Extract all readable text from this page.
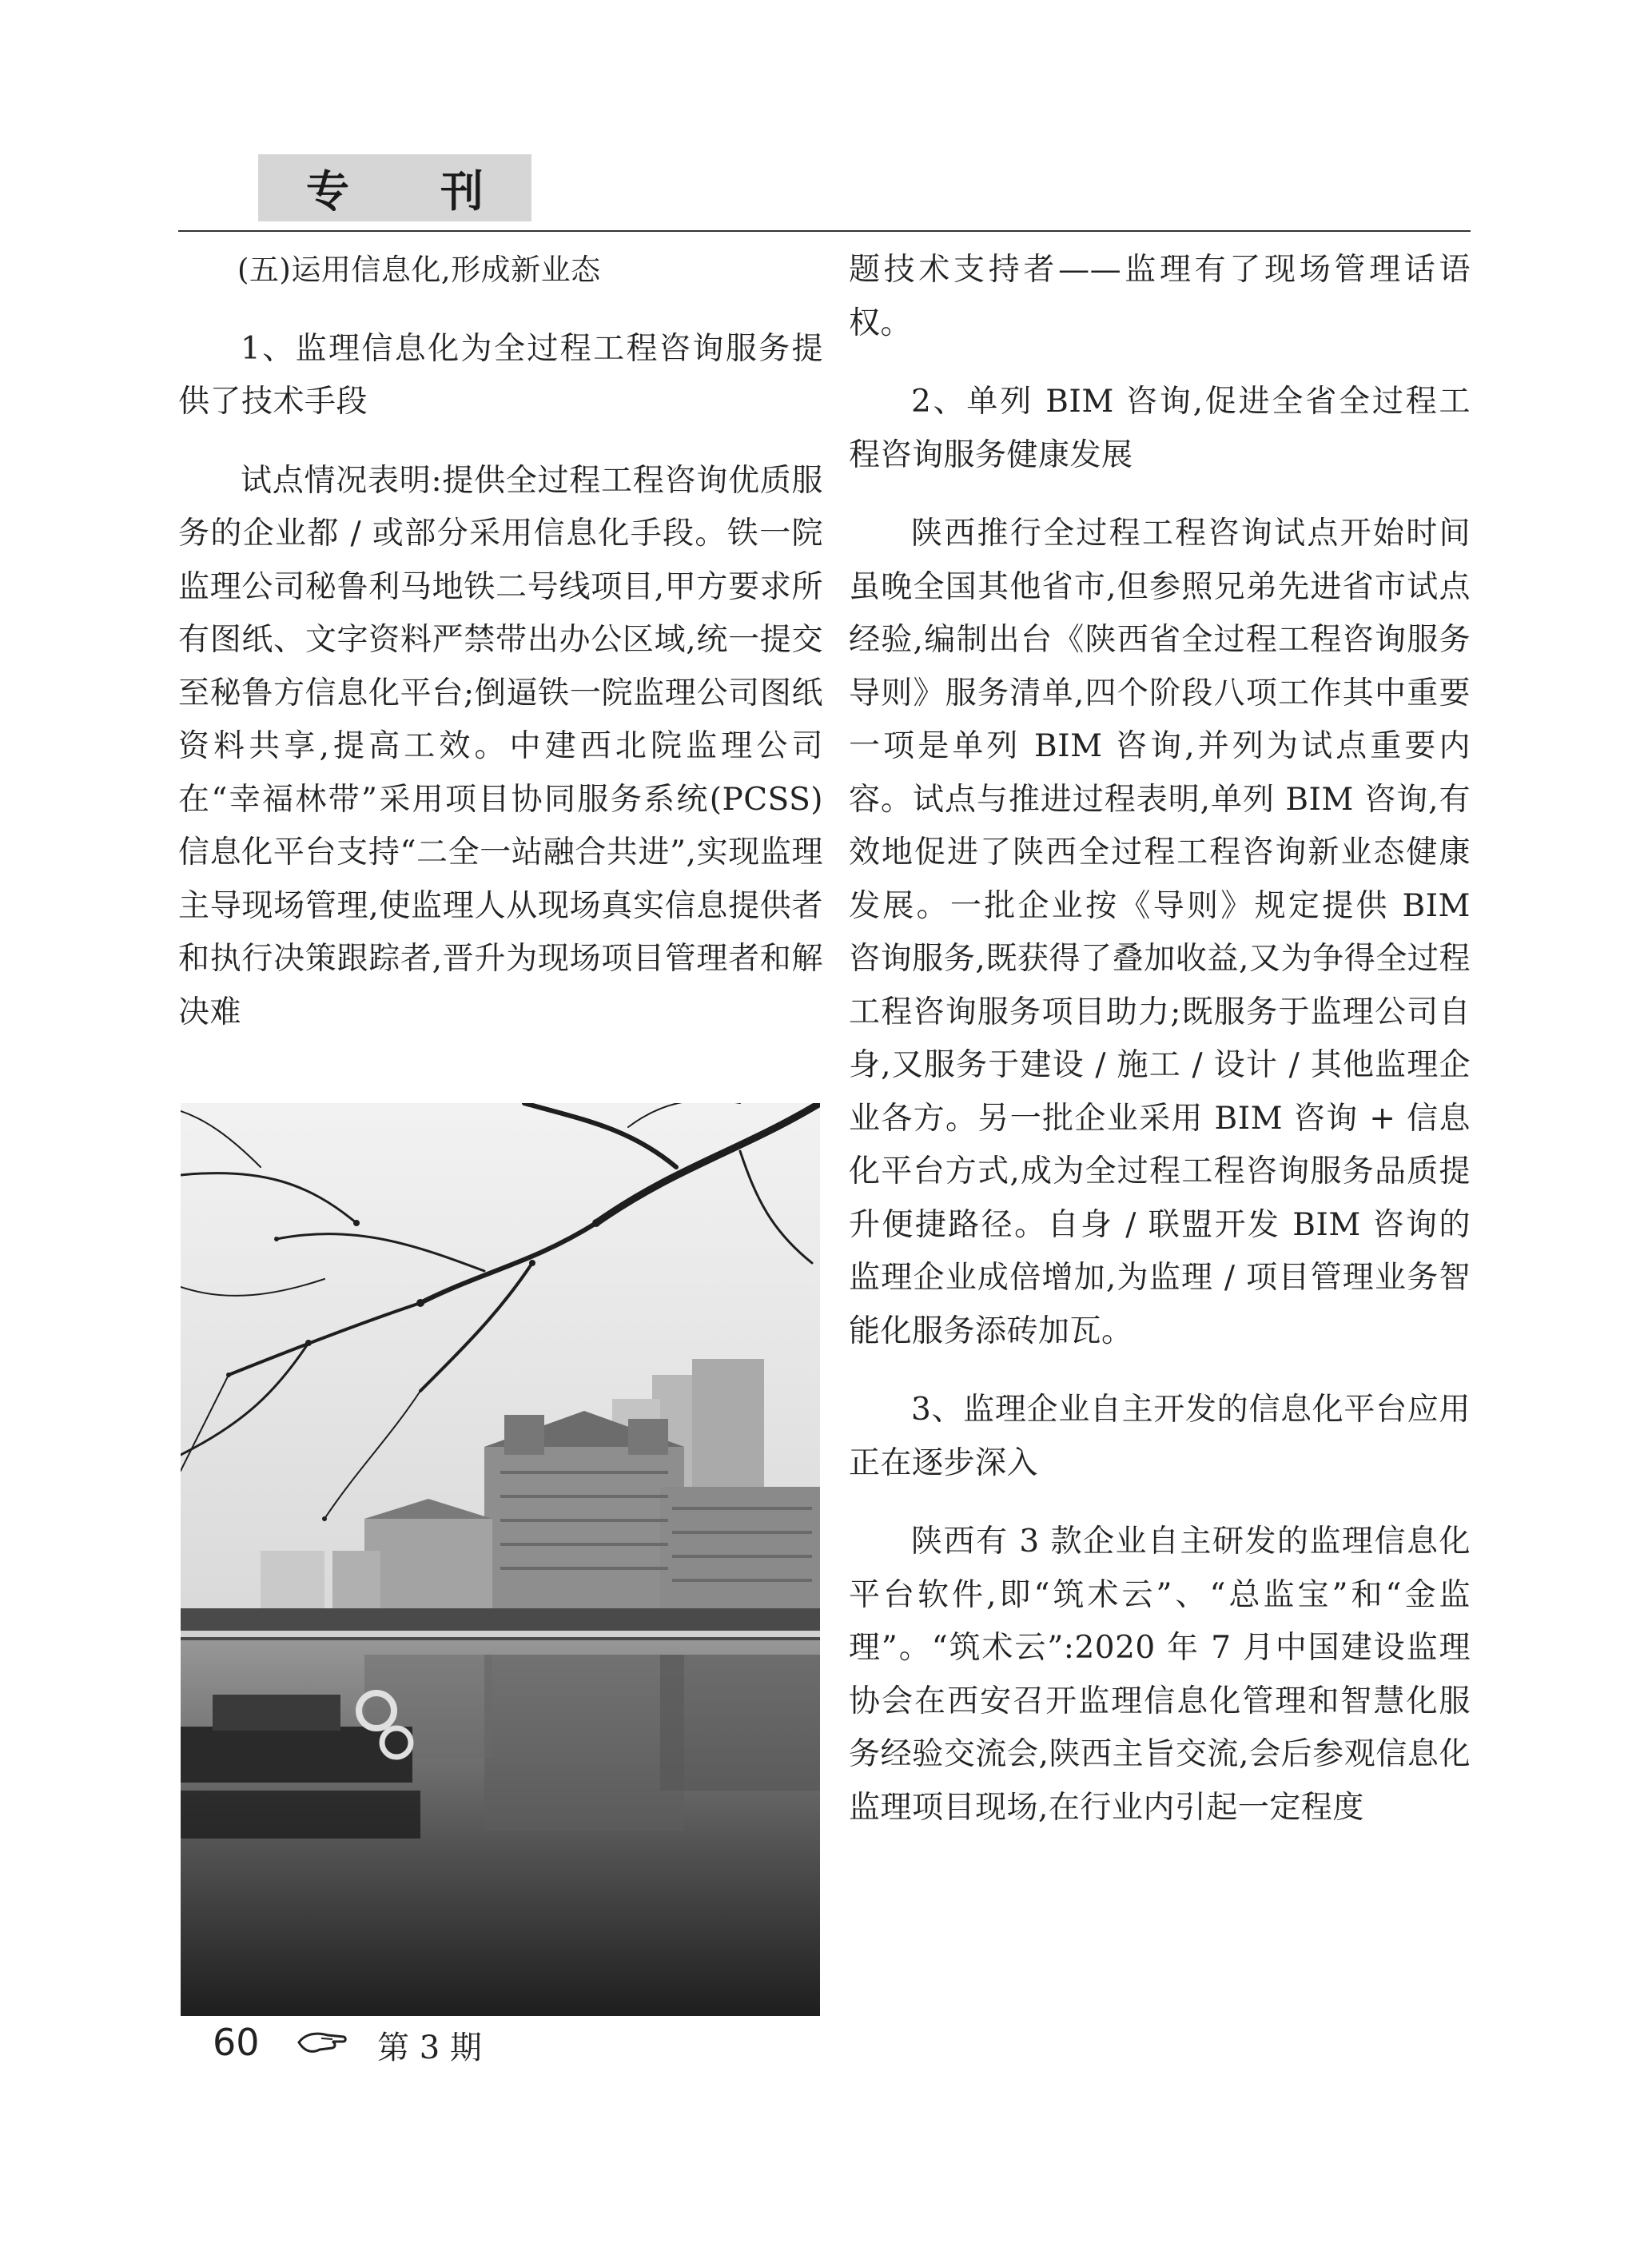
专 刊

(五)运用信息化,形成新业态

1、监理信息化为全过程工程咨询服务提供了技术手段

试点情况表明:提供全过程工程咨询优质服务的企业都 / 或部分采用信息化手段。铁一院监理公司秘鲁利马地铁二号线项目,甲方要求所有图纸、文字资料严禁带出办公区域,统一提交至秘鲁方信息化平台;倒逼铁一院监理公司图纸资料共享,提高工效。中建西北院监理公司在“幸福林带”采用项目协同服务系统(PCSS)信息化平台支持“二全一站融合共进”,实现监理主导现场管理,使监理人从现场真实信息提供者和执行决策跟踪者,晋升为现场项目管理者和解决难

题技术支持者——监理有了现场管理话语权。

2、单列 BIM 咨询,促进全省全过程工程咨询服务健康发展

陕西推行全过程工程咨询试点开始时间虽晚全国其他省市,但参照兄弟先进省市试点经验,编制出台《陕西省全过程工程咨询服务导则》服务清单,四个阶段八项工作其中重要一项是单列 BIM 咨询,并列为试点重要内容。试点与推进过程表明,单列 BIM 咨询,有效地促进了陕西全过程工程咨询新业态健康发展。一批企业按《导则》规定提供 BIM 咨询服务,既获得了叠加收益,又为争得全过程工程咨询服务项目助力;既服务于监理公司自身,又服务于建设 / 施工 / 设计 / 其他监理企业各方。另一批企业采用 BIM 咨询 + 信息化平台方式,成为全过程工程咨询服务品质提升便捷路径。自身 / 联盟开发 BIM 咨询的监理企业成倍增加,为监理 / 项目管理业务智能化服务添砖加瓦。

3、监理企业自主开发的信息化平台应用正在逐步深入

陕西有 3 款企业自主研发的监理信息化平台软件,即“筑术云”、“总监宝”和“金监理”。“筑术云”:2020 年 7 月中国建设监理协会在西安召开监理信息化管理和智慧化服务经验交流会,陕西主旨交流,会后参观信息化监理项目现场,在行业内引起一定程度

60	第 3 期
